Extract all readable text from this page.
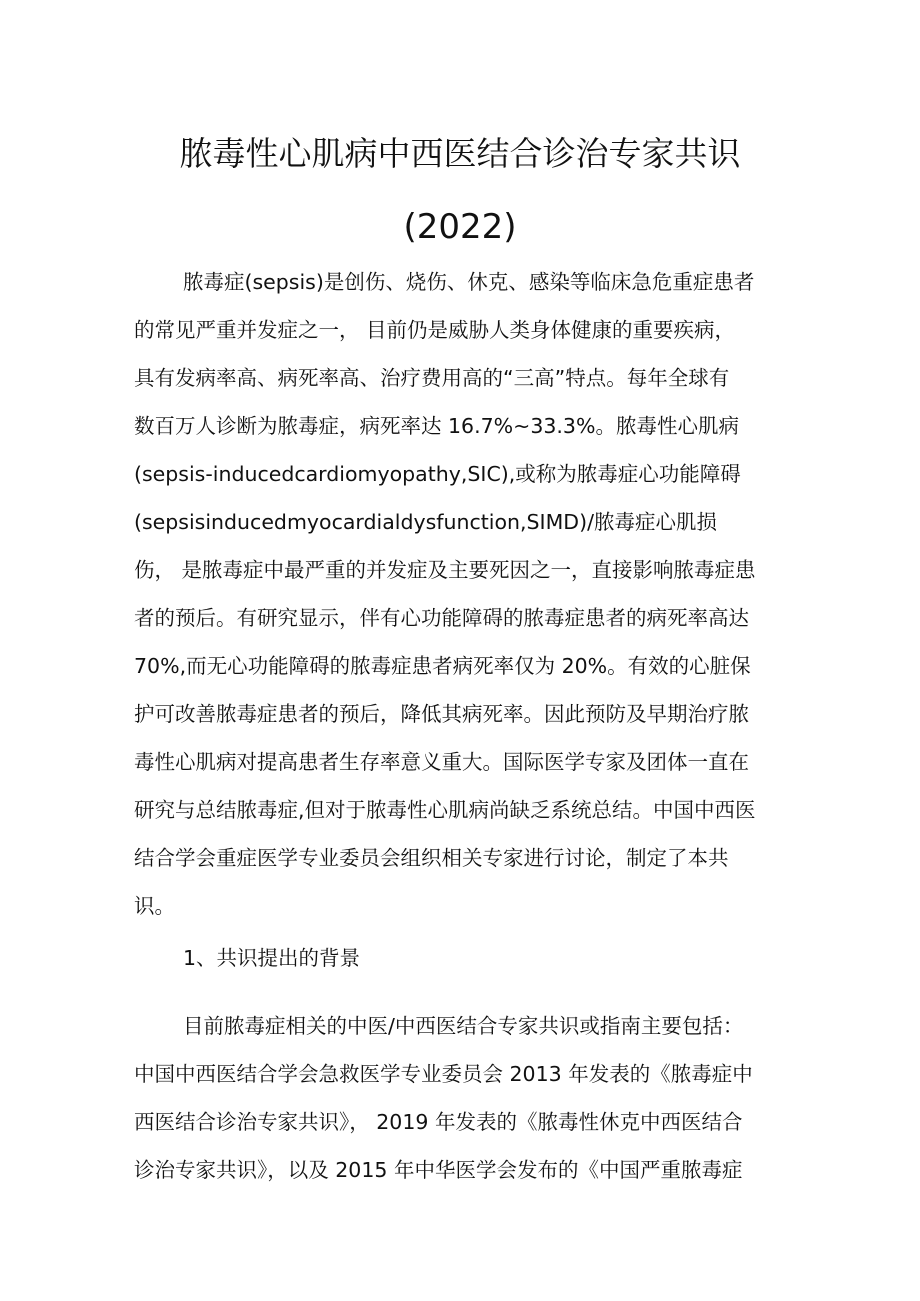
脓毒性心肌病中西医结合诊治专家共识
(2022)
脓毒症(sepsis)是创伤、烧伤、休克、感染等临床急危重症患者
的常见严重并发症之一， 目前仍是威胁人类身体健康的重要疾病，
具有发病率高、病死率高、治疗费用高的“三高”特点。每年全球有
数百万人诊断为脓毒症，病死率达 16.7%~33.3%。脓毒性心肌病
(sepsis-inducedcardiomyopathy,SIC),或称为脓毒症心功能障碍
(sepsisinducedmyocardialdysfunction,SIMD)/脓毒症心肌损
伤， 是脓毒症中最严重的并发症及主要死因之一，直接影响脓毒症患
者的预后。有研究显示，伴有心功能障碍的脓毒症患者的病死率高达
70%,而无心功能障碍的脓毒症患者病死率仅为 20%。有效的心脏保
护可改善脓毒症患者的预后，降低其病死率。因此预防及早期治疗脓
毒性心肌病对提高患者生存率意义重大。国际医学专家及团体一直在
研究与总结脓毒症,但对于脓毒性心肌病尚缺乏系统总结。中国中西医
结合学会重症医学专业委员会组织相关专家进行讨论，制定了本共
识。
1、共识提出的背景
目前脓毒症相关的中医/中西医结合专家共识或指南主要包括：
中国中西医结合学会急救医学专业委员会 2013 年发表的《脓毒症中
西医结合诊治专家共识》， 2019 年发表的《脓毒性休克中西医结合
诊治专家共识》，以及 2015 年中华医学会发布的《中国严重脓毒症
